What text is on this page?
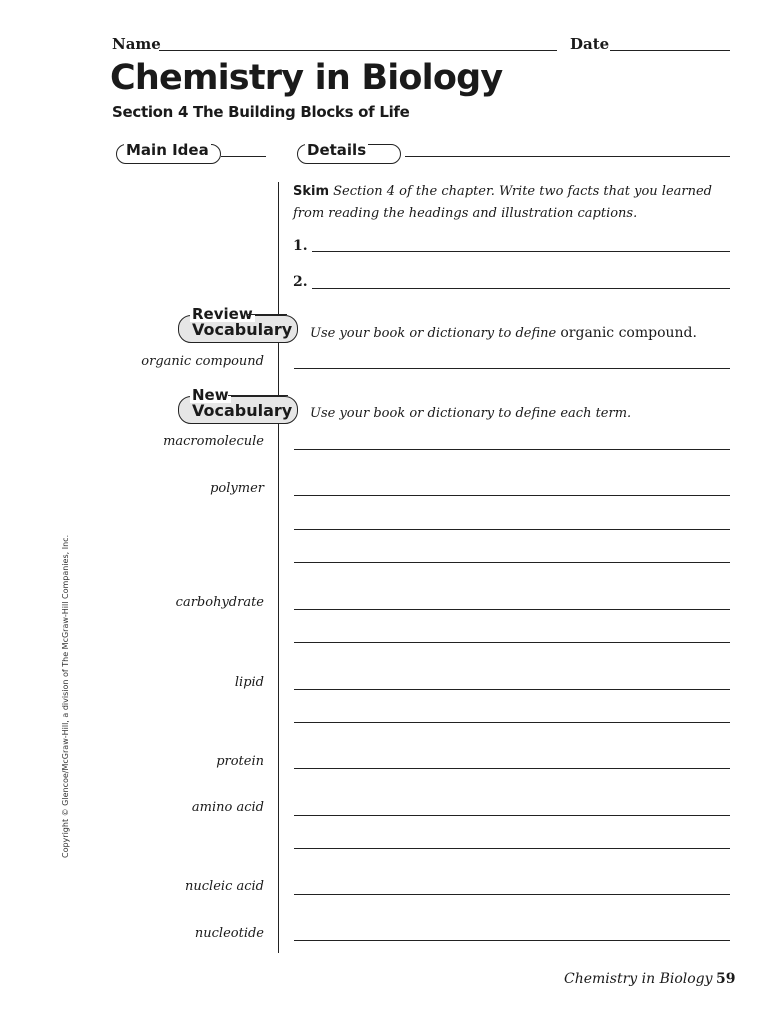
Name	Date
Chemistry in Biology
Section 4 The Building Blocks of Life
Main Idea	Details
Skim Section 4 of the chapter. Write two facts that you learned
from reading the headings and illustration captions.
1.
2.
Review
Vocabulary Use your book or dictionary to define organic compound.
organic compound
New
Vocabulary Use your book or dictionary to define each term.
macromolecule
polymer
carbohydrate
lipid
protein
amino acid
nucleic acid
nucleotide
Copyright © Glencoe/McGraw-Hill, a division of The McGraw-Hill Companies, Inc.
Chemistry in Biology 59
